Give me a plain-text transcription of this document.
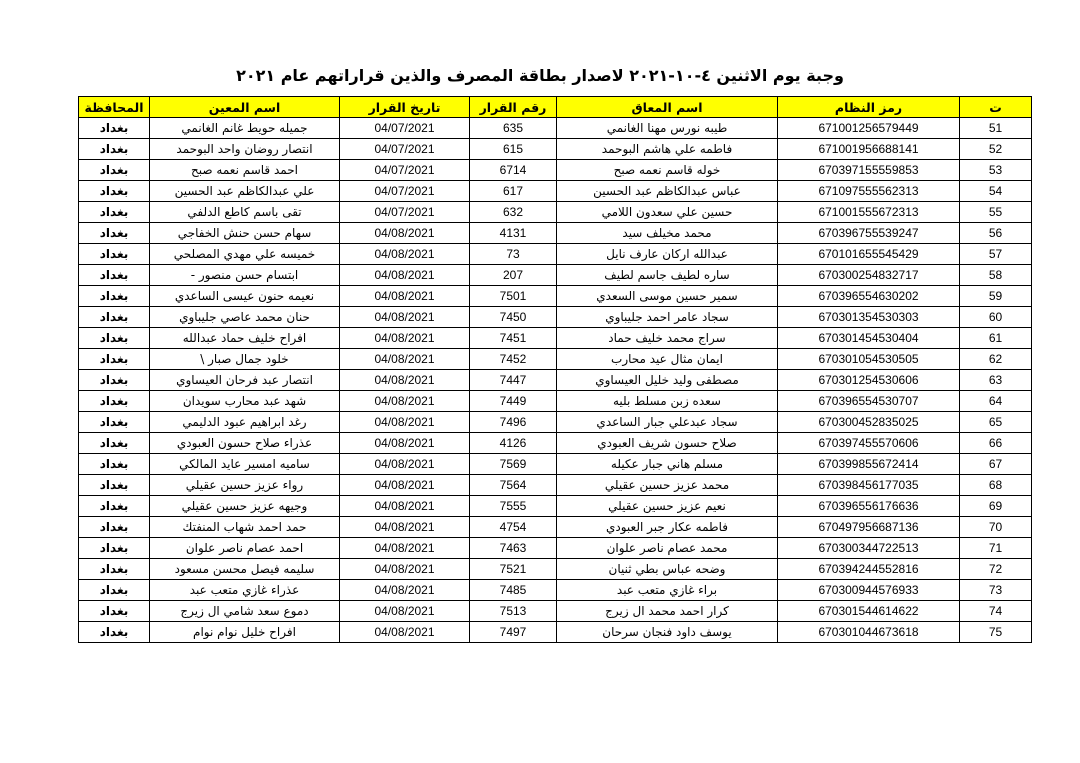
وجبة يوم الاثنين ٤-١٠-٢٠٢١ لاصدار بطاقة المصرف والذين قراراتهم عام ٢٠٢١
ت	رمز النظام	اسم المعاق	رقم القرار	تاريخ القرار	اسم المعين	المحافظة
51	671001256579449	طيبه نورس مهنا الغانمي	635	04/07/2021	جميله حويط غانم الغانمي	بغداد
52	671001956688141	فاطمه علي هاشم البوحمد	615	04/07/2021	انتصار روضان واحد البوحمد	بغداد
53	670397155559853	خوله قاسم نعمه صبح	6714	04/07/2021	احمد قاسم نعمه صبح	بغداد
54	671097555562313	عباس عبدالكاظم عبد الحسين	617	04/07/2021	علي عبدالكاظم عبد الحسين	بغداد
55	671001555672313	حسين علي سعدون اللامي	632	04/07/2021	تقى باسم كاطع الدلفي	بغداد
56	670396755539247	محمد مخيلف سيد	4131	04/08/2021	سهام حسن حنش الخفاجي	بغداد
57	670101655545429	عبدالله اركان عارف نايل	73	04/08/2021	خميسه علي مهدي المصلحي	بغداد
58	670300254832717	ساره لطيف جاسم لطيف	207	04/08/2021	ابتسام حسن منصور -	بغداد
59	670396554630202	سمير حسين موسى السعدي	7501	04/08/2021	نعيمه حنون عيسى الساعدي	بغداد
60	670301354530303	سجاد عامر احمد جليباوي	7450	04/08/2021	حنان محمد عاصي جليباوي	بغداد
61	670301454530404	سراج محمد خليف حماد	7451	04/08/2021	افراح خليف حماد عبدالله	بغداد
62	670301054530505	ايمان مثال عيد محارب	7452	04/08/2021	خلود جمال صبار \	بغداد
63	670301254530606	مصطفى وليد خليل العيساوي	7447	04/08/2021	انتصار عبد فرحان العيساوي	بغداد
64	670396554530707	سعده زبن مسلط بليه	7449	04/08/2021	شهد عبد محارب سويدان	بغداد
65	670300452835025	سجاد عبدعلي جبار الساعدي	7496	04/08/2021	رغد ابراهيم عبود الدليمي	بغداد
66	670397455570606	صلاح حسون شريف العبودي	4126	04/08/2021	عذراء صلاح حسون العبودي	بغداد
67	670399855672414	مسلم هاني جبار عكيله	7569	04/08/2021	ساميه امسير عايد المالكي	بغداد
68	670398456177035	محمد عزيز حسين عقيلي	7564	04/08/2021	رواء عزيز حسين عقيلي	بغداد
69	670396556176636	نعيم عزيز حسين عقيلي	7555	04/08/2021	وجيهه عزيز حسين عقيلي	بغداد
70	670497956687136	فاطمه عكار جبر العبودي	4754	04/08/2021	حمد احمد شهاب المنفتك	بغداد
71	670300344722513	محمد عصام ناصر علوان	7463	04/08/2021	احمد عصام ناصر علوان	بغداد
72	670394244552816	وضحه عباس بطي ثنيان	7521	04/08/2021	سليمه فيصل محسن مسعود	بغداد
73	670300944576933	براء غازي متعب عبد	7485	04/08/2021	عذراء غازي متعب عبد	بغداد
74	670301544614622	كرار احمد محمد ال زيرج	7513	04/08/2021	دموع سعد شامي ال زيرج	بغداد
75	670301044673618	يوسف داود فنجان سرحان	7497	04/08/2021	افراح خليل نوام نوام	بغداد
